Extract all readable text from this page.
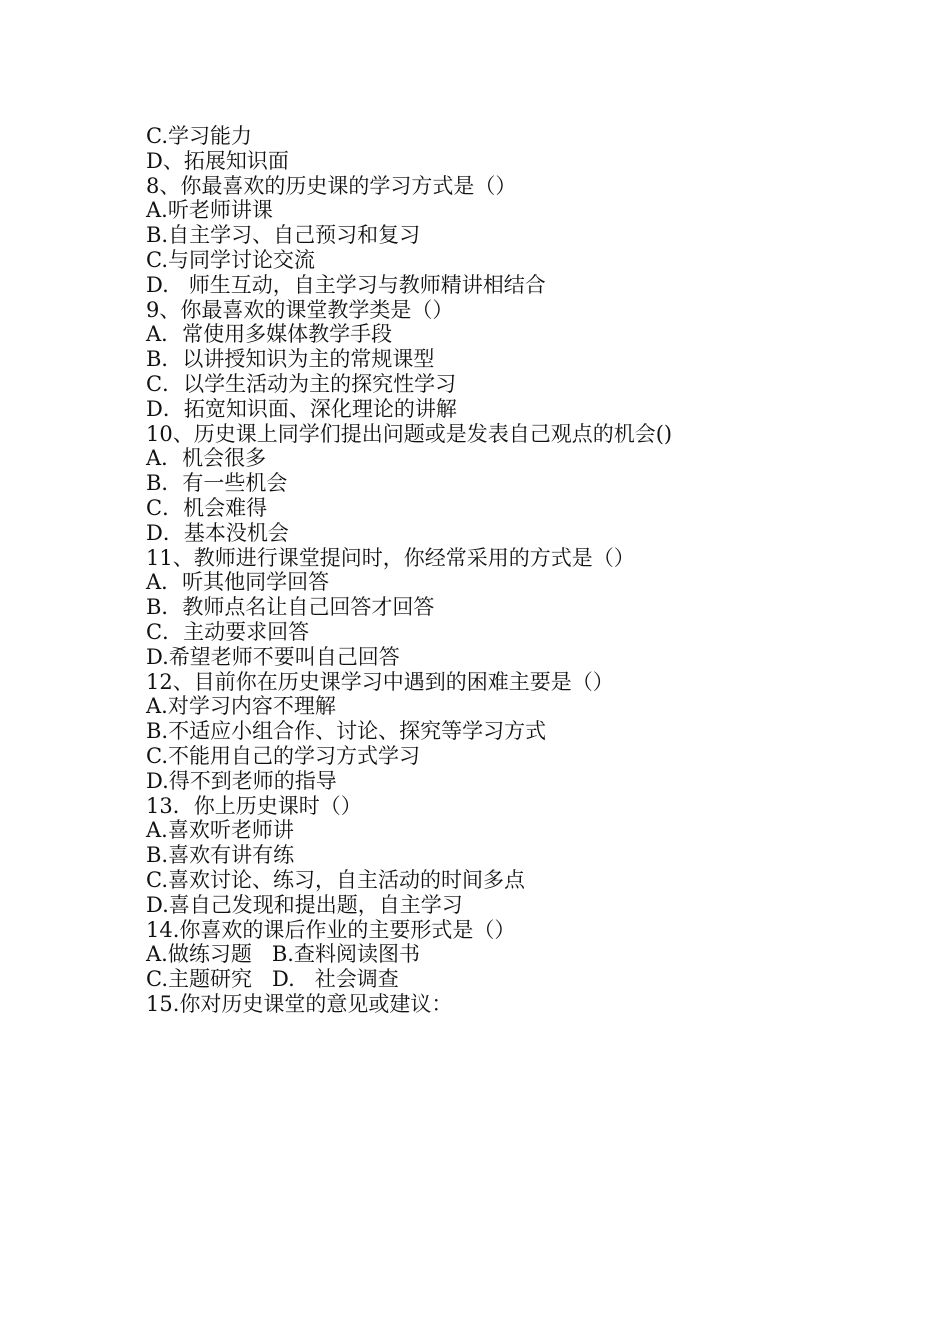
C.学习能力
D、拓展知识面
8、你最喜欢的历史课的学习方式是（）
A.听老师讲课
B.自主学习、自己预习和复习
C.与同学讨论交流
D.   师生互动，自主学习与教师精讲相结合
9、你最喜欢的课堂教学类是（）
A．常使用多媒体教学手段
B．以讲授知识为主的常规课型
C．以学生活动为主的探究性学习
D．拓宽知识面、深化理论的讲解
10、历史课上同学们提出问题或是发表自己观点的机会()
A．机会很多
B．有一些机会
C．机会难得
D．基本没机会
11、教师进行课堂提问时，你经常采用的方式是（）
A．听其他同学回答
B．教师点名让自己回答才回答
C．主动要求回答
D.希望老师不要叫自己回答
12、目前你在历史课学习中遇到的困难主要是（）
A.对学习内容不理解
B.不适应小组合作、讨论、探究等学习方式
C.不能用自己的学习方式学习
D.得不到老师的指导
13．你上历史课时（）
A.喜欢听老师讲
B.喜欢有讲有练
C.喜欢讨论、练习，自主活动的时间多点
D.喜自己发现和提出题，自主学习
14.你喜欢的课后作业的主要形式是（）
A.做练习题   B.查料阅读图书
C.主题研究   D.   社会调查
15.你对历史课堂的意见或建议：
